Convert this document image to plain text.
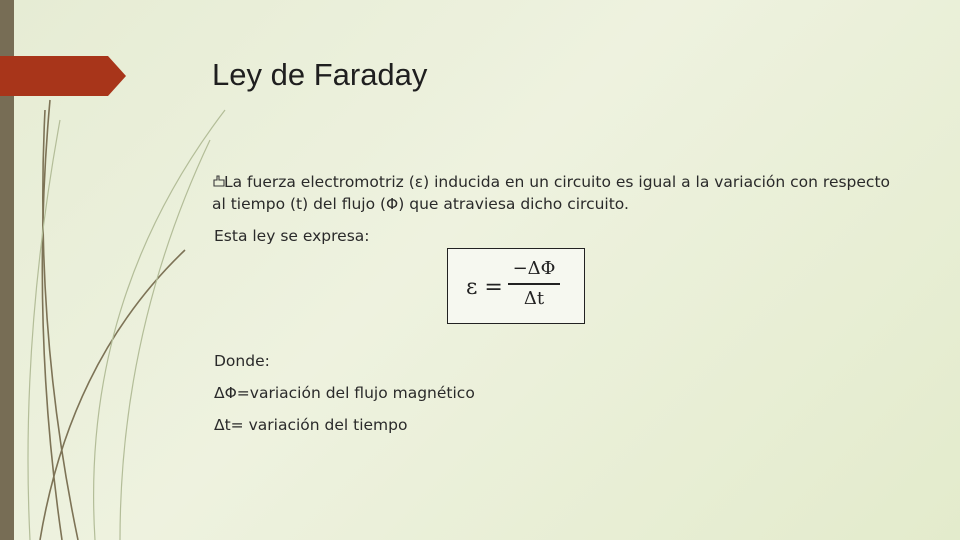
Ley de Faraday
La fuerza electromotriz (ε) inducida en un circuito es igual a la variación con respecto al tiempo (t) del flujo (Φ) que atraviesa dicho circuito.
Esta ley se expresa:
ε =
−ΔΦ
Δt
Donde:
ΔΦ=variación del flujo magnético
Δt= variación del tiempo
